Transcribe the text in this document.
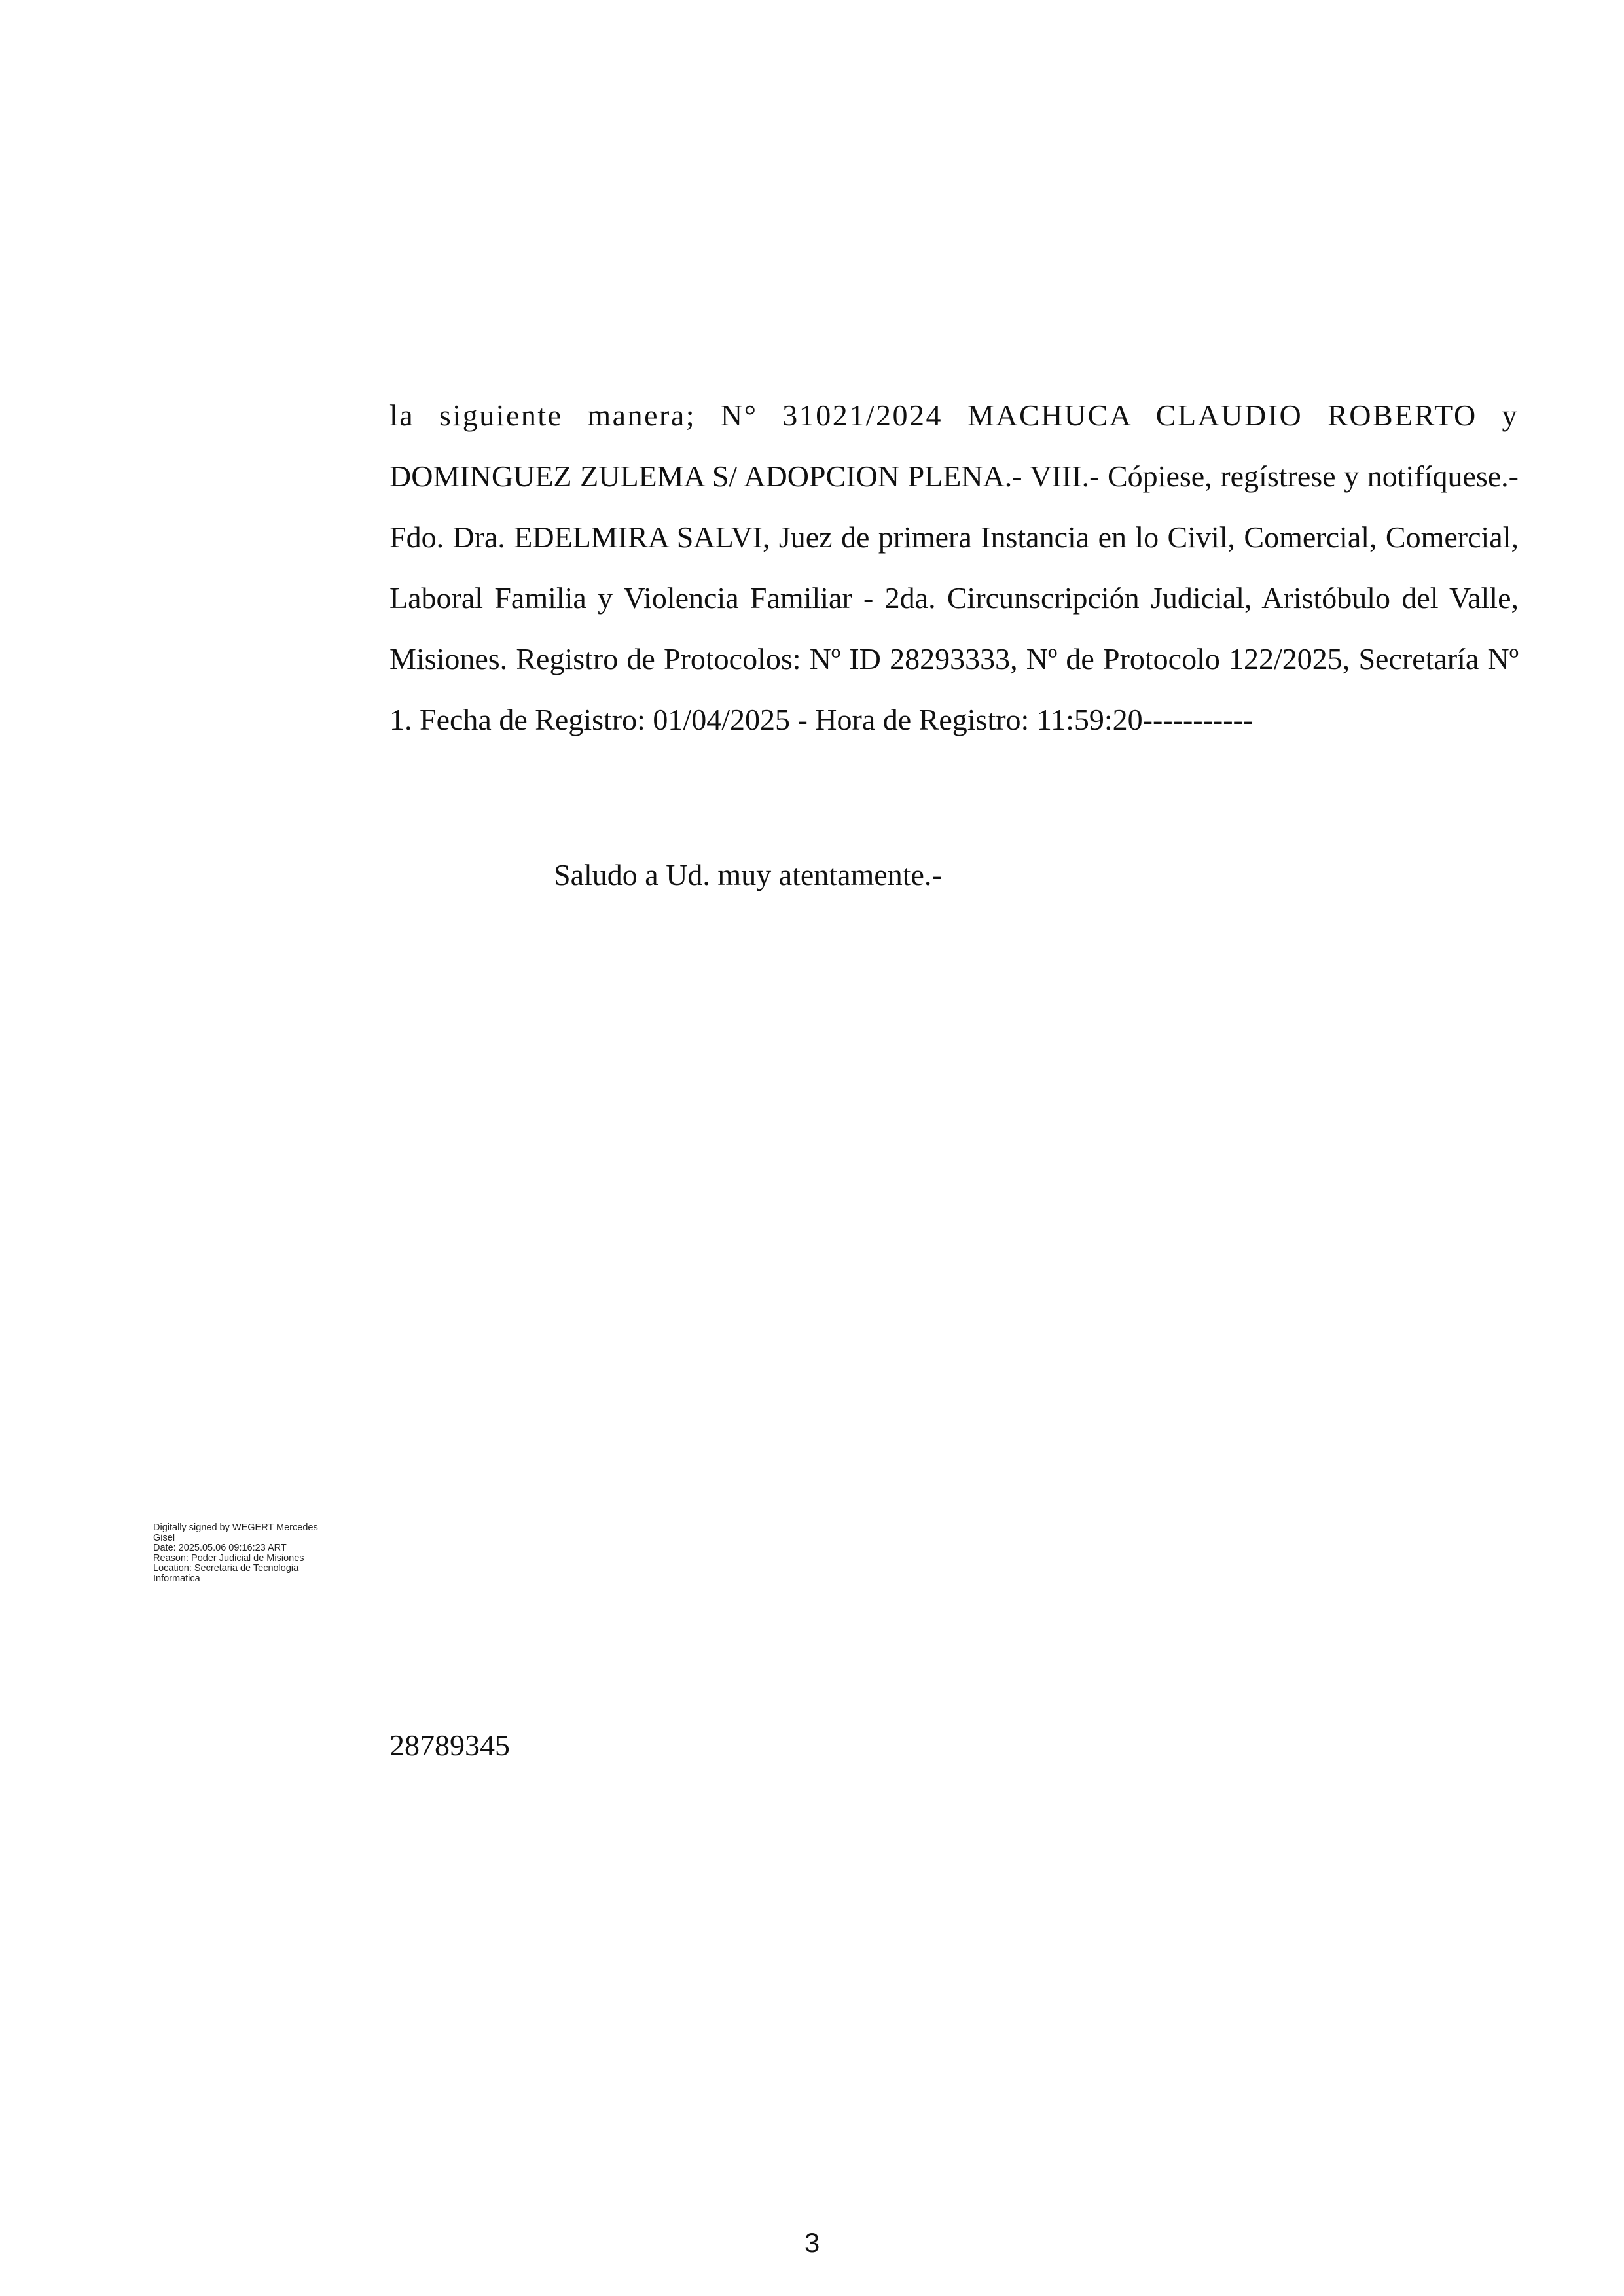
la siguiente manera; N° 31021/2024 MACHUCA CLAUDIO ROBERTO y DOMINGUEZ ZULEMA S/ ADOPCION PLENA.- VIII.- Cópiese, regístrese y notifíquese.- Fdo. Dra. EDELMIRA SALVI, Juez de primera Instancia en lo Civil, Comercial, Comercial, Laboral Familia y Violencia Familiar - 2da. Circunscripción Judicial, Aristóbulo del Valle, Misiones. Registro de Protocolos: Nº ID 28293333, Nº de Protocolo 122/2025, Secretaría Nº 1. Fecha de Registro: 01/04/2025 - Hora de Registro: 11:59:20-----------

Saludo a Ud. muy atentamente.-

Digitally signed by WEGERT Mercedes
Gisel
Date: 2025.05.06 09:16:23 ART
Reason: Poder Judicial de Misiones
Location: Secretaria de Tecnologia
Informatica
28789345
3
